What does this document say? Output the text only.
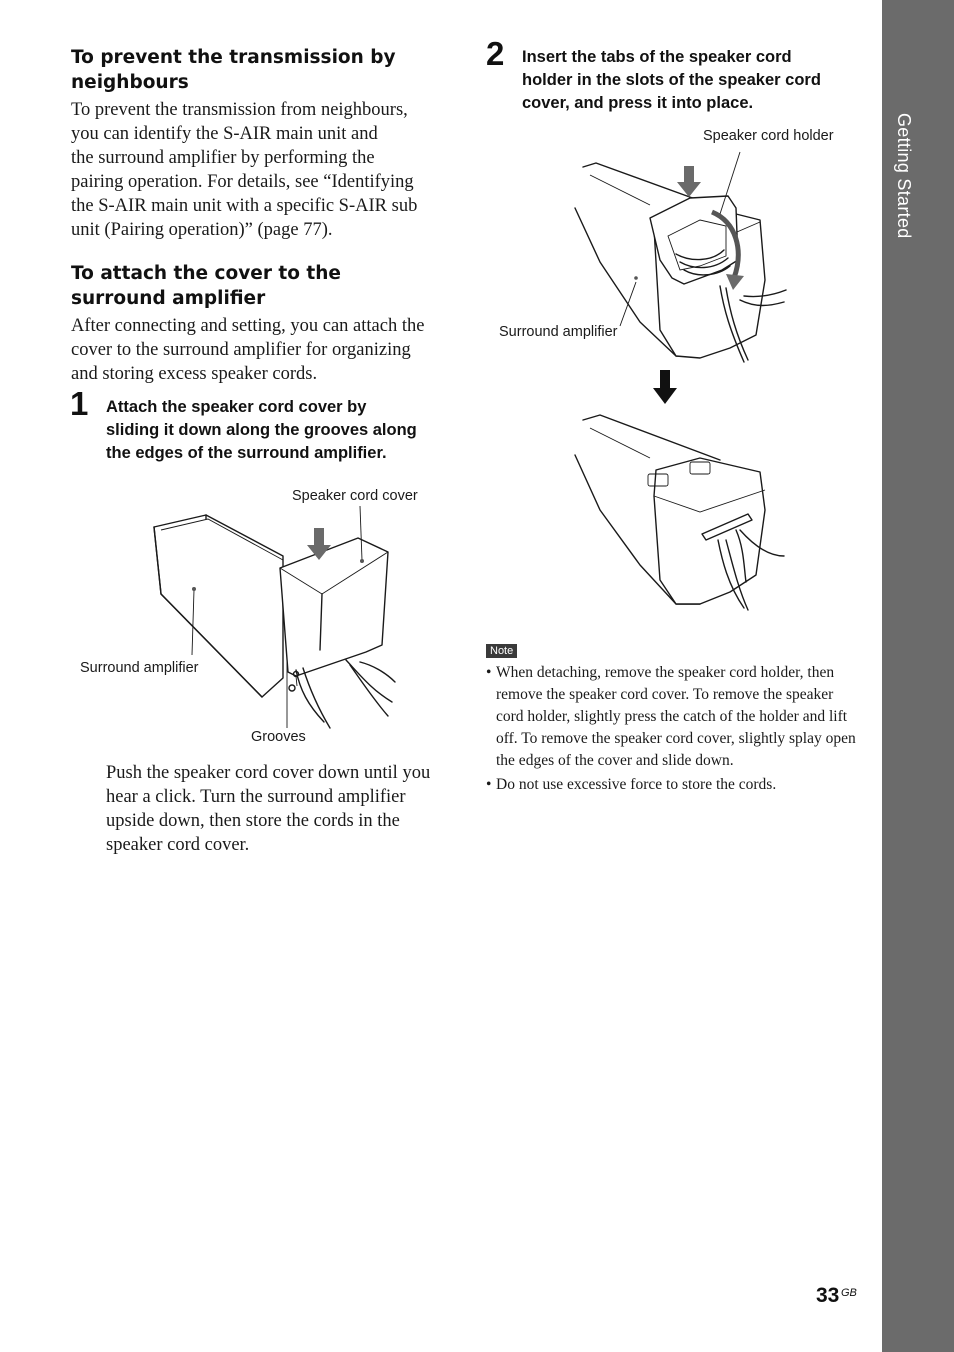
Getting Started

To prevent the transmission by

neighbours

To prevent the transmission from neighbours,

you can identify the S-AIR main unit and

the surround amplifier by performing the

pairing operation. For details, see “Identifying

the S-AIR main unit with a specific S-AIR sub

unit (Pairing operation)” (page 77).

To attach the cover to the

surround amplifier

After connecting and setting, you can attach the

cover to the surround amplifier for organizing

and storing excess speaker cords.

1 Attach the speaker cord cover by

sliding it down along the grooves along

the edges of the surround amplifier.

Speaker cord cover

Surround amplifier

Grooves

Push the speaker cord cover down until you

hear a click. Turn the surround amplifier

upside down, then store the cords in the

speaker cord cover.

2 Insert the tabs of the speaker cord

holder in the slots of the speaker cord

cover, and press it into place.

Speaker cord holder

Surround amplifier

Note
• When detaching, remove the speaker cord holder, then remove the speaker cord cover. To remove the speaker cord holder, slightly press the catch of the holder and lift off. To remove the speaker cord cover, slightly splay open the edges of the cover and slide down.
• Do not use excessive force to store the cords.
33 GB
